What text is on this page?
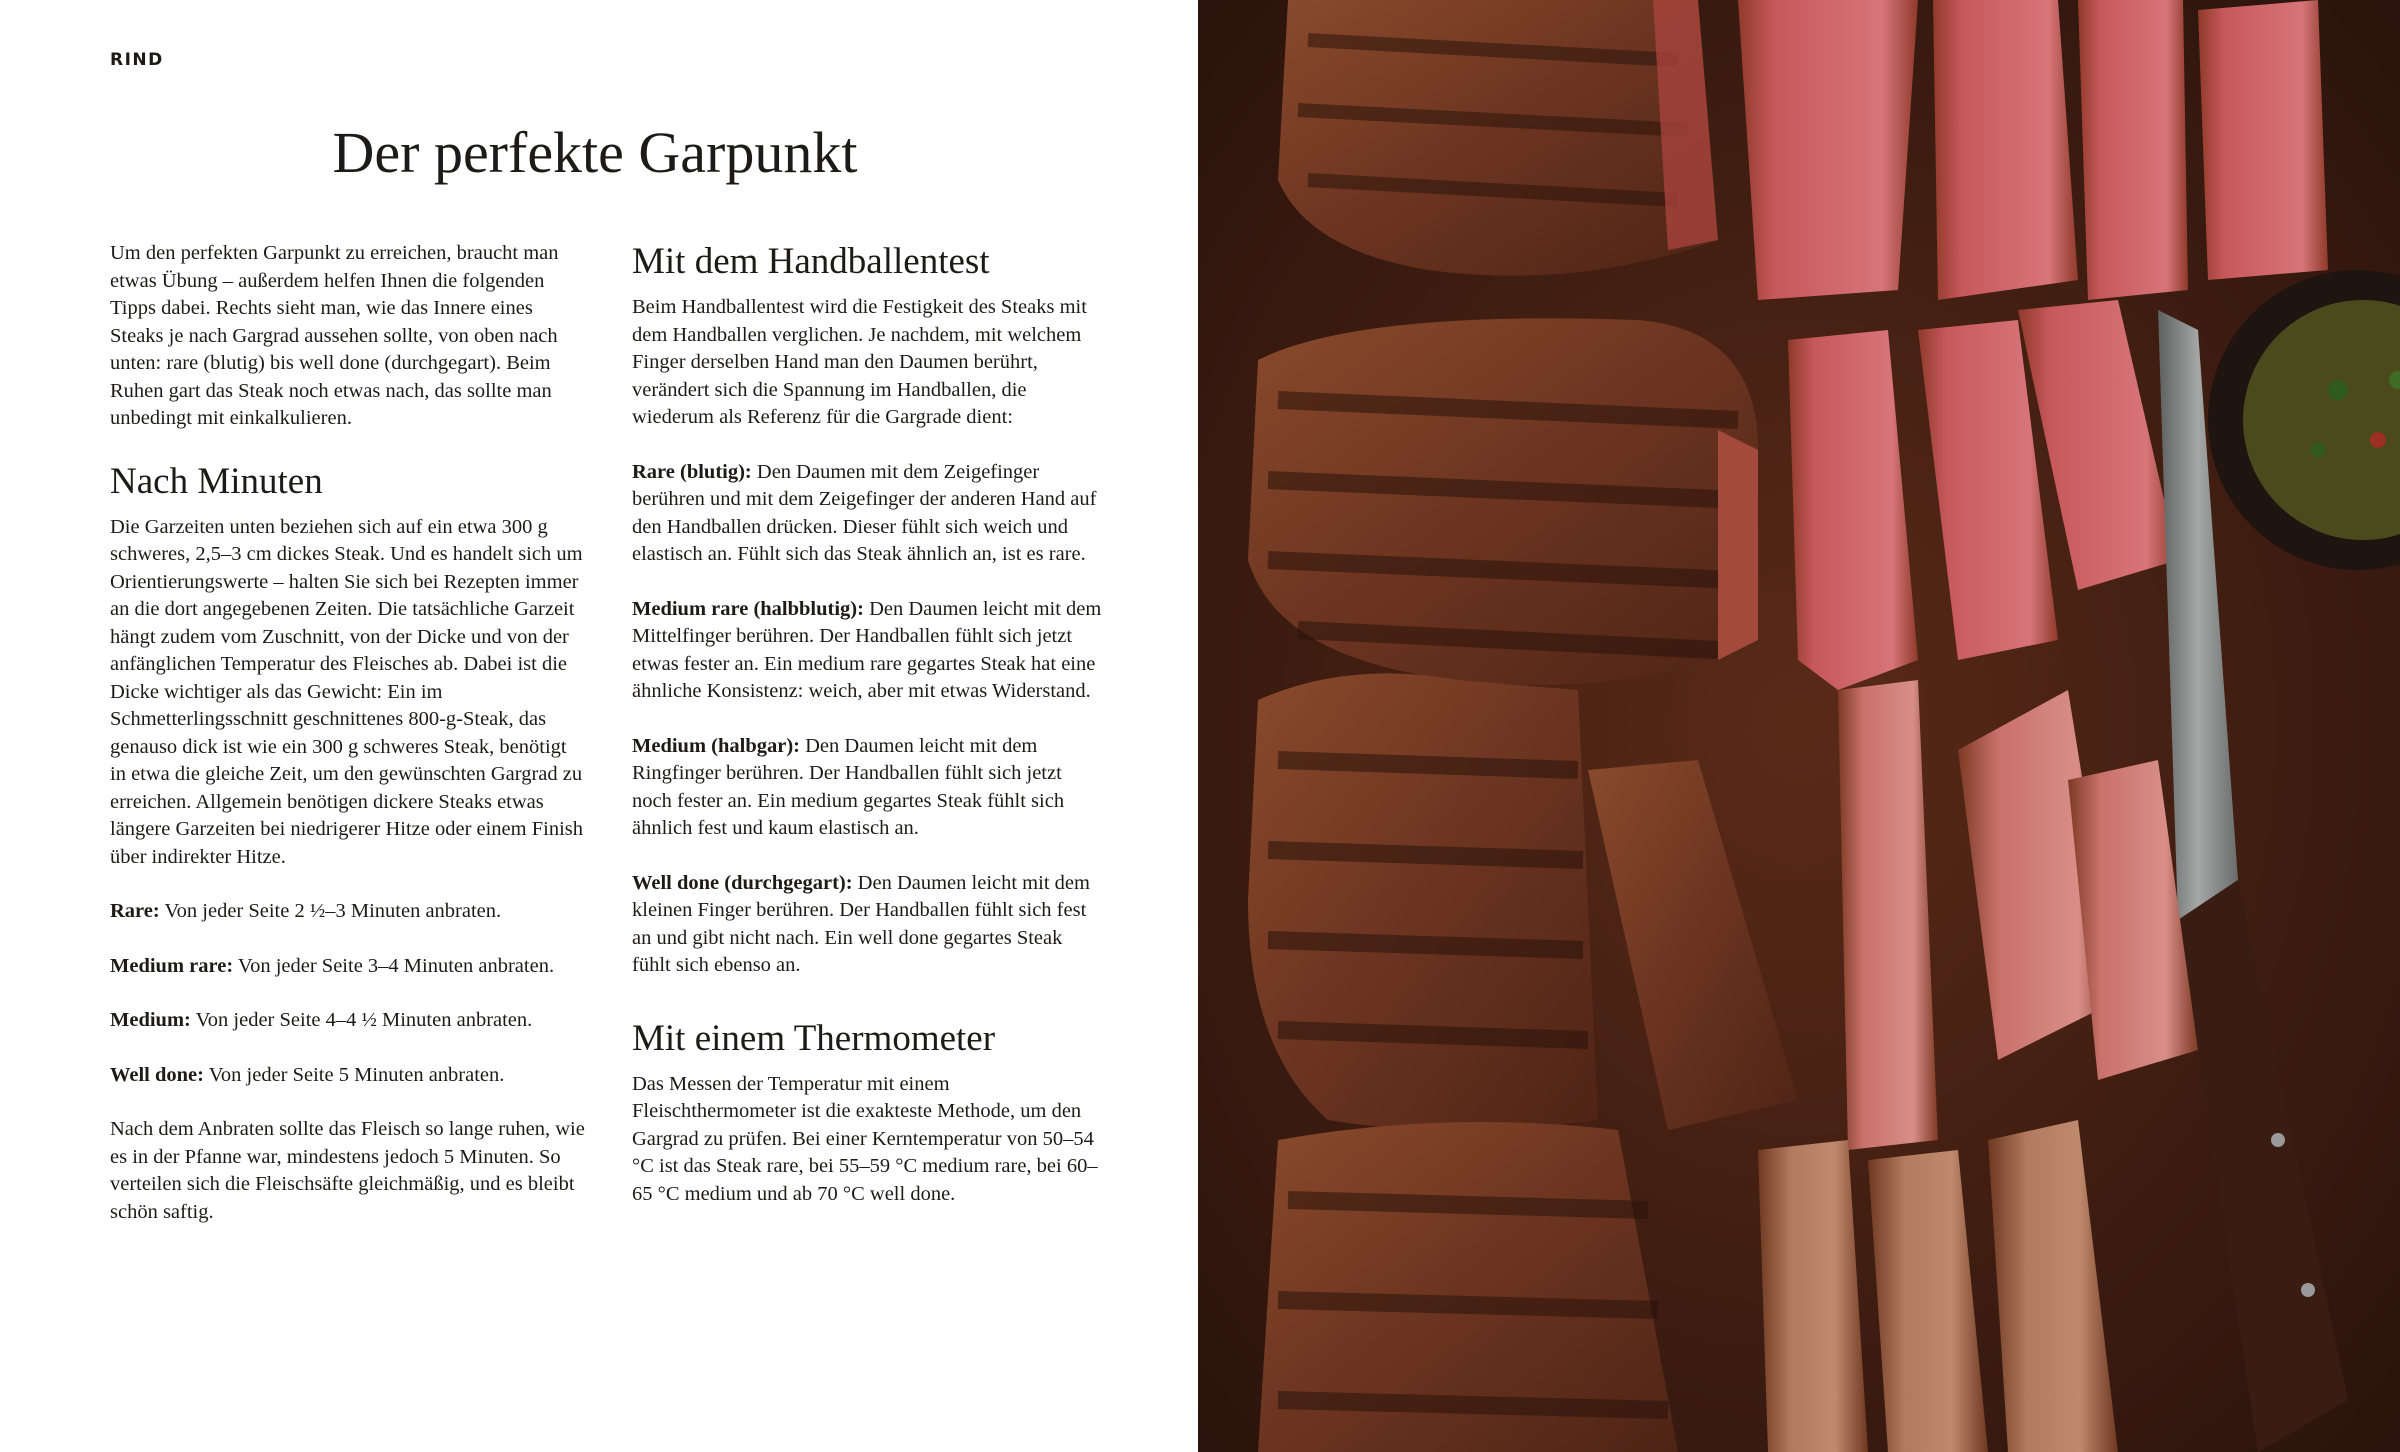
RIND
Der perfekte Garpunkt

Um den perfekten Garpunkt zu erreichen, braucht man etwas Übung – außerdem helfen Ihnen die folgenden Tipps dabei. Rechts sieht man, wie das Innere eines Steaks je nach Gargrad aussehen sollte, von oben nach unten: rare (blutig) bis well done (durchgegart). Beim Ruhen gart das Steak noch etwas nach, das sollte man unbedingt mit einkalkulieren.

Nach Minuten

Die Garzeiten unten beziehen sich auf ein etwa 300 g schweres, 2,5–3 cm dickes Steak. Und es handelt sich um Orientierungswerte – halten Sie sich bei Rezepten immer an die dort angegebenen Zeiten. Die tatsächliche Garzeit hängt zudem vom Zuschnitt, von der Dicke und von der anfänglichen Temperatur des Fleisches ab. Dabei ist die Dicke wichtiger als das Gewicht: Ein im Schmetterlingsschnitt geschnittenes 800-g-Steak, das genauso dick ist wie ein 300 g schweres Steak, benötigt in etwa die gleiche Zeit, um den gewünschten Gargrad zu erreichen. Allgemein benötigen dickere Steaks etwas längere Garzeiten bei niedrigerer Hitze oder einem Finish über indirekter Hitze.

Rare: Von jeder Seite 2 ½–3 Minuten anbraten.

Medium rare: Von jeder Seite 3–4 Minuten anbraten.

Medium: Von jeder Seite 4–4 ½ Minuten anbraten.

Well done: Von jeder Seite 5 Minuten anbraten.

Nach dem Anbraten sollte das Fleisch so lange ruhen, wie es in der Pfanne war, mindestens jedoch 5 Minuten. So verteilen sich die Fleischsäfte gleichmäßig, und es bleibt schön saftig.

Mit dem Handballentest

Beim Handballentest wird die Festigkeit des Steaks mit dem Handballen verglichen. Je nachdem, mit welchem Finger derselben Hand man den Daumen berührt, verändert sich die Spannung im Handballen, die wiederum als Referenz für die Gargrade dient:

Rare (blutig): Den Daumen mit dem Zeigefinger berühren und mit dem Zeigefinger der anderen Hand auf den Handballen drücken. Dieser fühlt sich weich und elastisch an. Fühlt sich das Steak ähnlich an, ist es rare.

Medium rare (halbblutig): Den Daumen leicht mit dem Mittelfinger berühren. Der Handballen fühlt sich jetzt etwas fester an. Ein medium rare gegartes Steak hat eine ähnliche Konsistenz: weich, aber mit etwas Widerstand.

Medium (halbgar): Den Daumen leicht mit dem Ringfinger berühren. Der Handballen fühlt sich jetzt noch fester an. Ein medium gegartes Steak fühlt sich ähnlich fest und kaum elastisch an.

Well done (durchgegart): Den Daumen leicht mit dem kleinen Finger berühren. Der Handballen fühlt sich fest an und gibt nicht nach. Ein well done gegartes Steak fühlt sich ebenso an.

Mit einem Thermometer

Das Messen der Temperatur mit einem Fleischthermometer ist die exakteste Methode, um den Gargrad zu prüfen. Bei einer Kerntemperatur von 50–54 °C ist das Steak rare, bei 55–59 °C medium rare, bei 60–65 °C medium und ab 70 °C well done.
